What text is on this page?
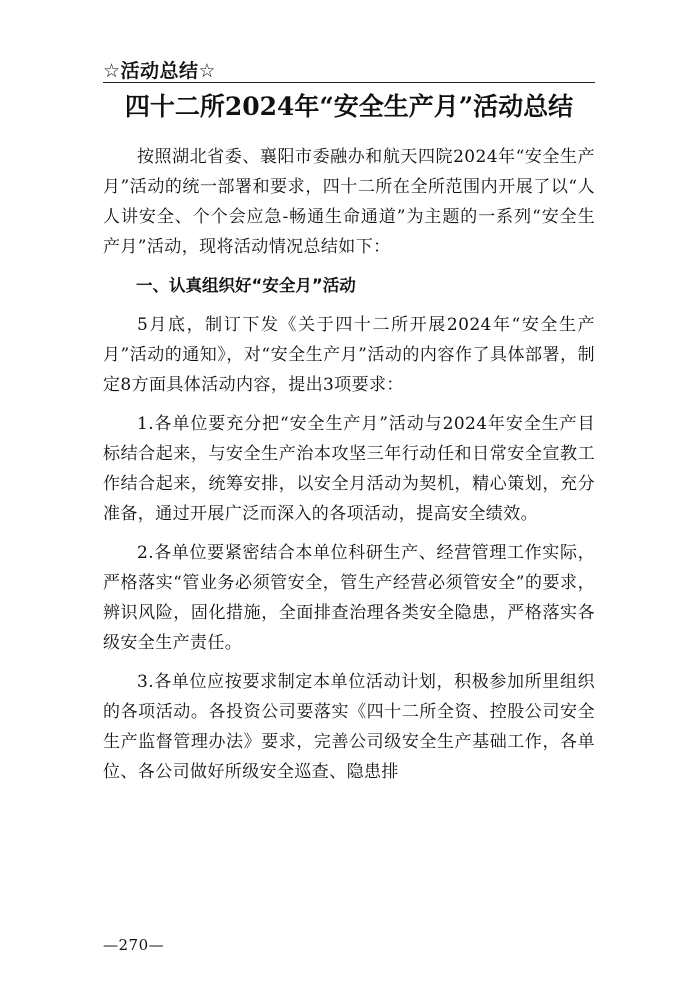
☆活动总结☆
四十二所2024年“安全生产月”活动总结

按照湖北省委、襄阳市委融办和航天四院2024年“安全生产月”活动的统一部署和要求，四十二所在全所范围内开展了以“人人讲安全、个个会应急-畅通生命通道”为主题的一系列“安全生产月”活动，现将活动情况总结如下：

一、认真组织好“安全月”活动

5月底，制订下发《关于四十二所开展2024年“安全生产月”活动的通知》，对“安全生产月”活动的内容作了具体部署，制定8方面具体活动内容，提出3项要求：

1.各单位要充分把“安全生产月”活动与2024年安全生产目标结合起来，与安全生产治本攻坚三年行动任和日常安全宣教工作结合起来，统筹安排，以安全月活动为契机，精心策划，充分准备，通过开展广泛而深入的各项活动，提高安全绩效。

2.各单位要紧密结合本单位科研生产、经营管理工作实际，严格落实“管业务必须管安全，管生产经营必须管安全”的要求，辨识风险，固化措施，全面排查治理各类安全隐患，严格落实各级安全生产责任。

3.各单位应按要求制定本单位活动计划，积极参加所里组织的各项活动。各投资公司要落实《四十二所全资、控股公司安全生产监督管理办法》要求，完善公司级安全生产基础工作，各单位、各公司做好所级安全巡查、隐患排

—270—
